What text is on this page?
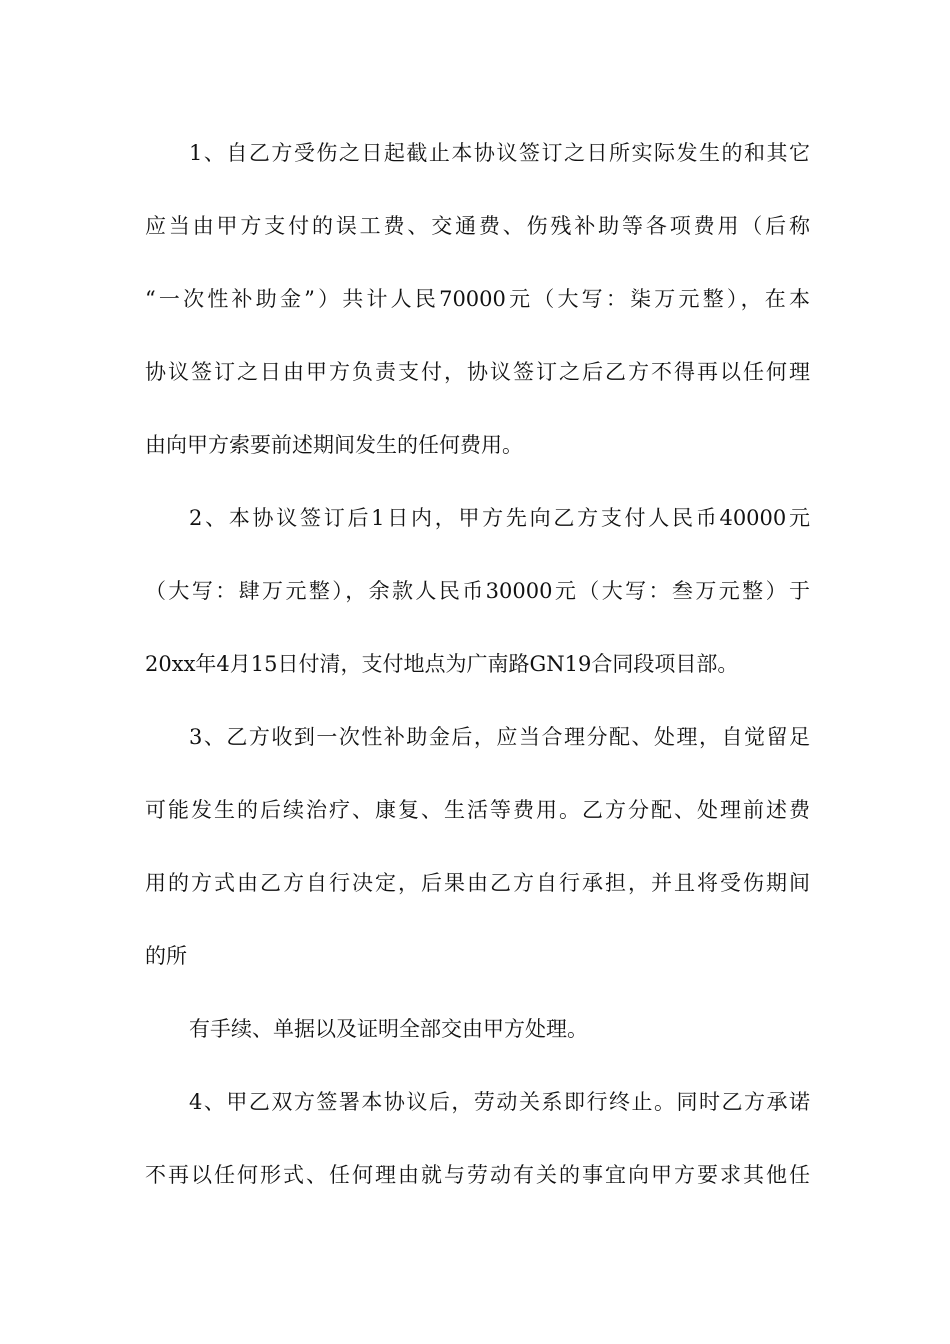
1、自乙方受伤之日起截止本协议签订之日所实际发生的和其它
应当由甲方支付的误工费、交通费、伤残补助等各项费用（后称
“一次性补助金”）共计人民70000元（大写：柒万元整），在本
协议签订之日由甲方负责支付，协议签订之后乙方不得再以任何理
由向甲方索要前述期间发生的任何费用。
2、本协议签订后1日内，甲方先向乙方支付人民币40000元
（大写：肆万元整），余款人民币30000元（大写：叁万元整）于
20xx年4月15日付清，支付地点为广南路GN19合同段项目部。
3、乙方收到一次性补助金后，应当合理分配、处理，自觉留足
可能发生的后续治疗、康复、生活等费用。乙方分配、处理前述费
用的方式由乙方自行决定，后果由乙方自行承担，并且将受伤期间
的所
有手续、单据以及证明全部交由甲方处理。
4、甲乙双方签署本协议后，劳动关系即行终止。同时乙方承诺
不再以任何形式、任何理由就与劳动有关的事宜向甲方要求其他任
